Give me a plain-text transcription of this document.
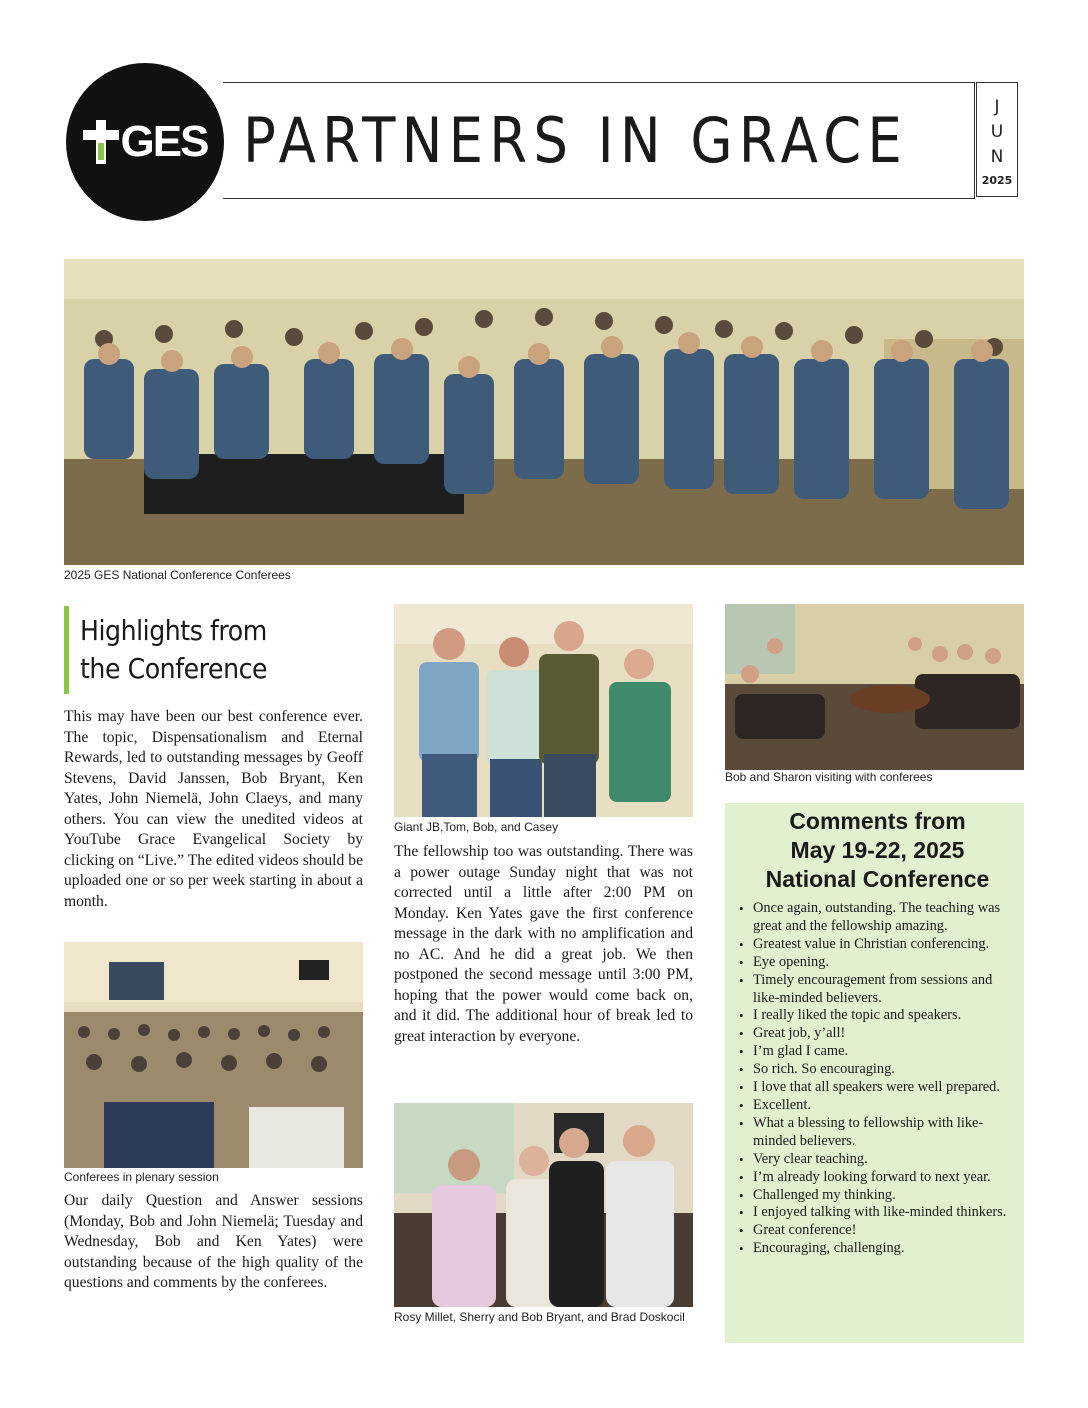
GES PARTNERS IN GRACE	J
U
N
2025
2025 GES National Conference Conferees
Highlights from
the Conference
This may have been our best conference ever. The topic, Dispensationalism and Eternal Rewards, led to outstanding messages by Geoff Stevens, David Janssen, Bob Bryant, Ken Yates, John Niemelä, John Claeys, and many others. You can view the unedited videos at YouTube Grace Evangelical Society by clicking on “Live.” The edited videos should be uploaded one or so per week starting in about a month.
Conferees in plenary session
Our daily Question and Answer sessions (Monday, Bob and John Niemelä; Tuesday and Wednesday, Bob and Ken Yates) were outstanding because of the high quality of the questions and comments by the conferees.
Giant JB,Tom, Bob, and Casey
The fellowship too was outstanding. There was a power outage Sunday night that was not corrected until a little after 2:00 PM on Monday. Ken Yates gave the first conference message in the dark with no amplification and no AC. And he did a great job. We then postponed the second message until 3:00 PM, hoping that the power would come back on, and it did. The additional hour of break led to great interaction by everyone.
Rosy Millet, Sherry and Bob Bryant, and Brad Doskocil
Bob and Sharon visiting with conferees
Comments from
May 19-22, 2025
National Conference
• Once again, outstanding. The teaching was great and the fellowship amazing.
• Greatest value in Christian conferencing.
• Eye opening.
• Timely encouragement from sessions and like-minded believers.
• I really liked the topic and speakers.
• Great job, y’all!
• I’m glad I came.
• So rich. So encouraging.
• I love that all speakers were well prepared.
• Excellent.
• What a blessing to fellowship with like-minded believers.
• Very clear teaching.
• I’m already looking forward to next year.
• Challenged my thinking.
• I enjoyed talking with like-minded thinkers.
• Great conference!
• Encouraging, challenging.
